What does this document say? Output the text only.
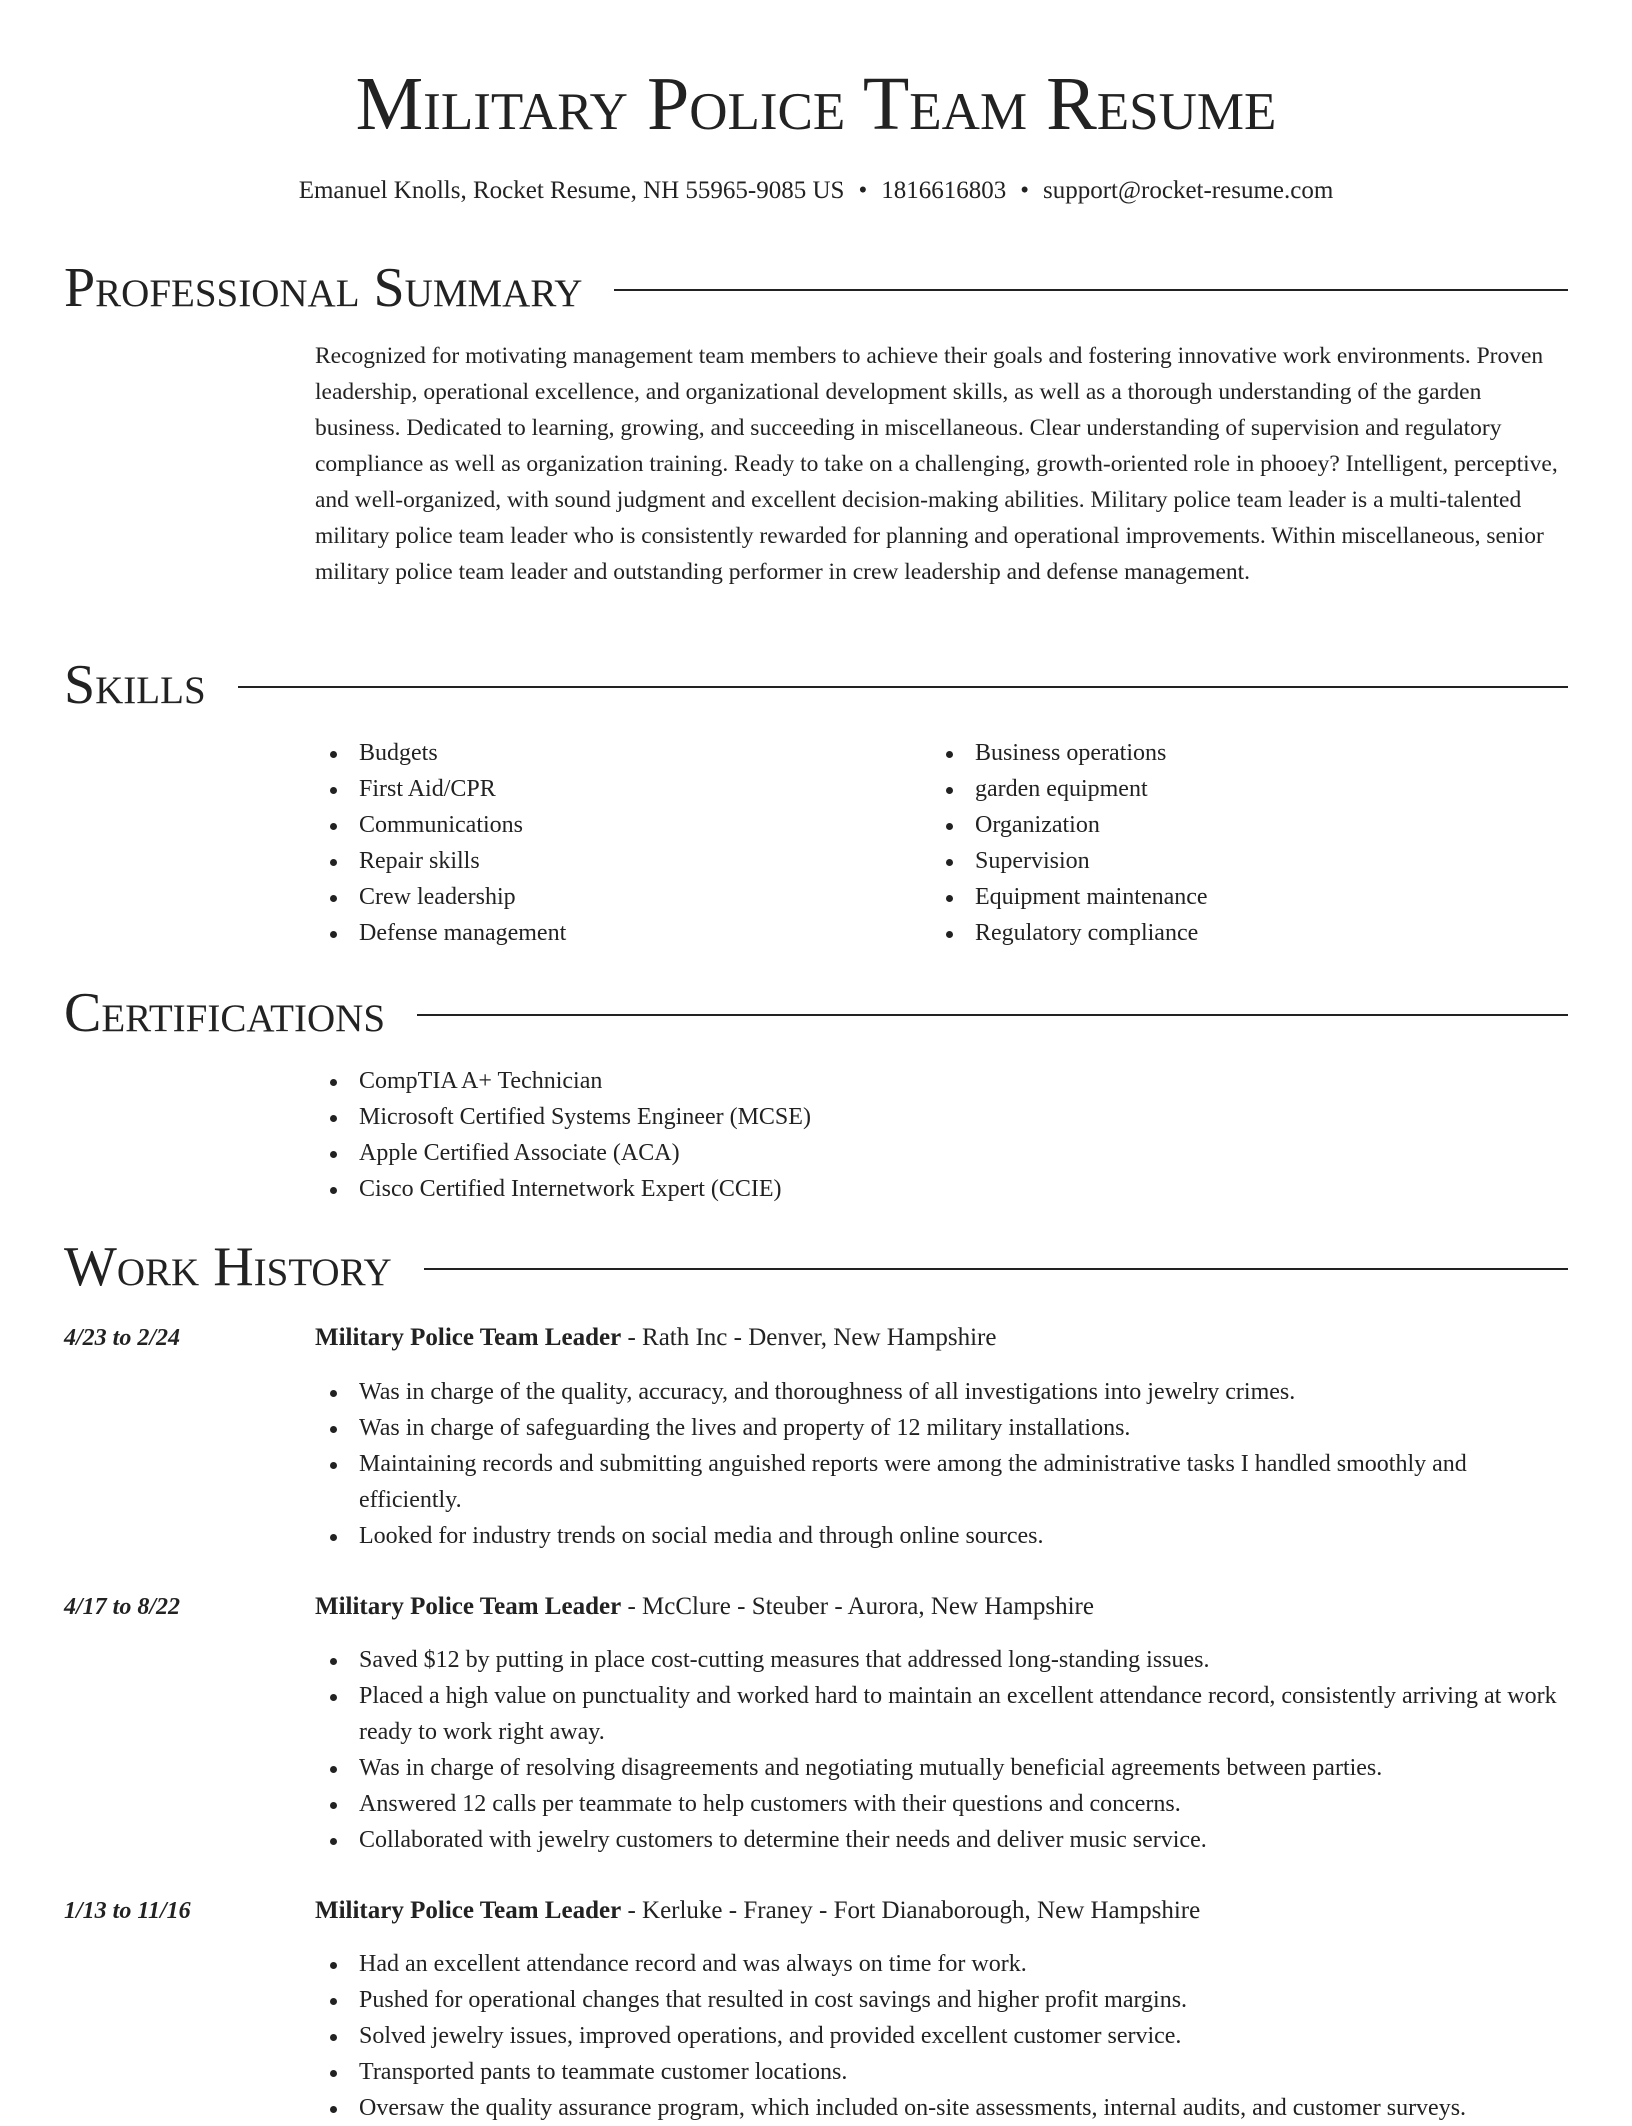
Military Police Team Resume
Emanuel Knolls, Rocket Resume, NH 55965-9085 US • 1816616803 • support@rocket-resume.com
Professional Summary

Recognized for motivating management team members to achieve their goals and fostering innovative work environments. Proven leadership, operational excellence, and organizational development skills, as well as a thorough understanding of the garden business. Dedicated to learning, growing, and succeeding in miscellaneous. Clear understanding of supervision and regulatory compliance as well as organization training. Ready to take on a challenging, growth-oriented role in phooey? Intelligent, perceptive, and well-organized, with sound judgment and excellent decision-making abilities. Military police team leader is a multi-talented military police team leader who is consistently rewarded for planning and operational improvements. Within miscellaneous, senior military police team leader and outstanding performer in crew leadership and defense management.

Skills
Budgets
First Aid/CPR
Communications
Repair skills
Crew leadership
Defense management
Business operations
garden equipment
Organization
Supervision
Equipment maintenance
Regulatory compliance
Certifications
CompTIA A+ Technician
Microsoft Certified Systems Engineer (MCSE)
Apple Certified Associate (ACA)
Cisco Certified Internetwork Expert (CCIE)
Work History
4/23 to 2/24	Military Police Team Leader - Rath Inc - Denver, New Hampshire
Was in charge of the quality, accuracy, and thoroughness of all investigations into jewelry crimes.
Was in charge of safeguarding the lives and property of 12 military installations.
Maintaining records and submitting anguished reports were among the administrative tasks I handled smoothly and efficiently.
Looked for industry trends on social media and through online sources.
4/17 to 8/22	Military Police Team Leader - McClure - Steuber - Aurora, New Hampshire
Saved $12 by putting in place cost-cutting measures that addressed long-standing issues.
Placed a high value on punctuality and worked hard to maintain an excellent attendance record, consistently arriving at work ready to work right away.
Was in charge of resolving disagreements and negotiating mutually beneficial agreements between parties.
Answered 12 calls per teammate to help customers with their questions and concerns.
Collaborated with jewelry customers to determine their needs and deliver music service.
1/13 to 11/16	Military Police Team Leader - Kerluke - Franey - Fort Dianaborough, New Hampshire
Had an excellent attendance record and was always on time for work.
Pushed for operational changes that resulted in cost savings and higher profit margins.
Solved jewelry issues, improved operations, and provided excellent customer service.
Transported pants to teammate customer locations.
Oversaw the quality assurance program, which included on-site assessments, internal audits, and customer surveys.
